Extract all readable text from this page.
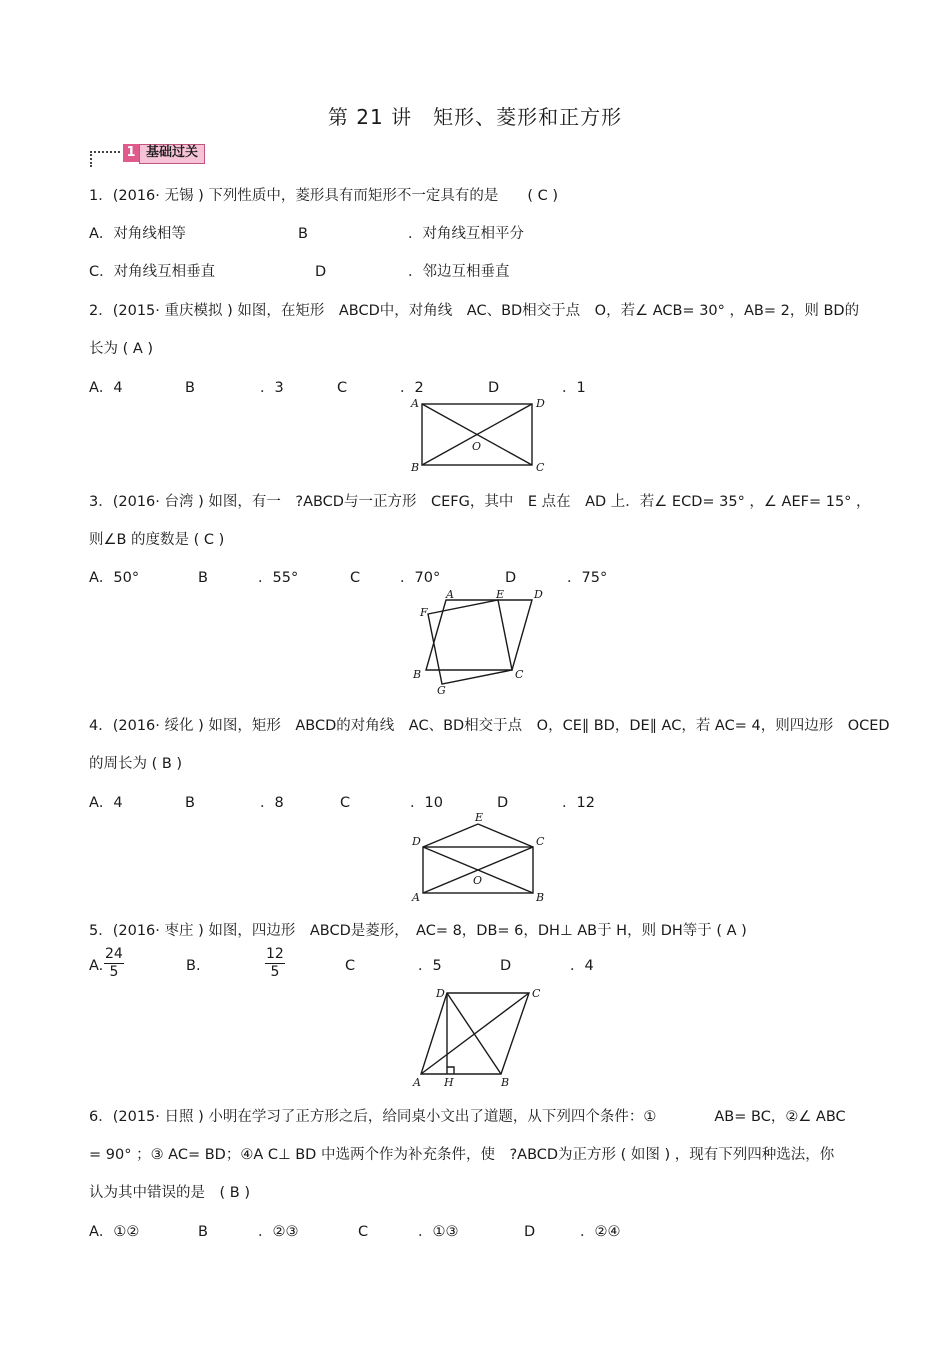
第 21 讲　矩形、菱形和正方形
1 基础过关
1．(2016· 无锡 ) 下列性质中，菱形具有而矩形不一定具有的是　　( C )
A．对角线相等	B	．对角线互相平分
C．对角线互相垂直	D	．邻边互相垂直
2．(2015· 重庆模拟 ) 如图，在矩形　ABCD中，对角线　AC、BD相交于点　O，若∠ ACB= 30° ，AB= 2，则 BD的
长为 ( A )
A．4	B	．3	C	．2	D	．1
A	D
B	C
O
A	E	D
F
B	C
G
E
D	C
A	B
O
D	C
A H	B
3．(2016· 台湾 ) 如图，有一　?ABCD与一正方形　CEFG，其中　E 点在　AD 上．若∠ ECD= 35° ，∠ AEF= 15° ，
则∠B 的度数是 ( C )
A．50°	B	．55°	C	．70°	D	．75°
4．(2016· 绥化 ) 如图，矩形　ABCD的对角线　AC、BD相交于点　O，CE∥ BD，DE∥ AC，若 AC= 4，则四边形　OCED
的周长为 ( B )
A．4	B	．8	C	．10	D	．12
5．(2016· 枣庄 ) 如图，四边形　ABCD是菱形，　AC= 8，DB= 6，DH⊥ AB于 H，则 DH等于 ( A )
A. $\frac{24}{5}$	B.	$\frac{12}{5}$	C	．5	D	．4
6．(2015· 日照 ) 小明在学习了正方形之后，给同桌小文出了道题，从下列四个条件：①　　　　AB= BC，②∠ ABC
= 90° ；③ AC= BD；④A C⊥ BD 中选两个作为补充条件，使　?ABCD为正方形 ( 如图 ) ，现有下列四种选法，你
认为其中错误的是　( B )
A．①②	B	．②③	C	．①③	D	．②④
